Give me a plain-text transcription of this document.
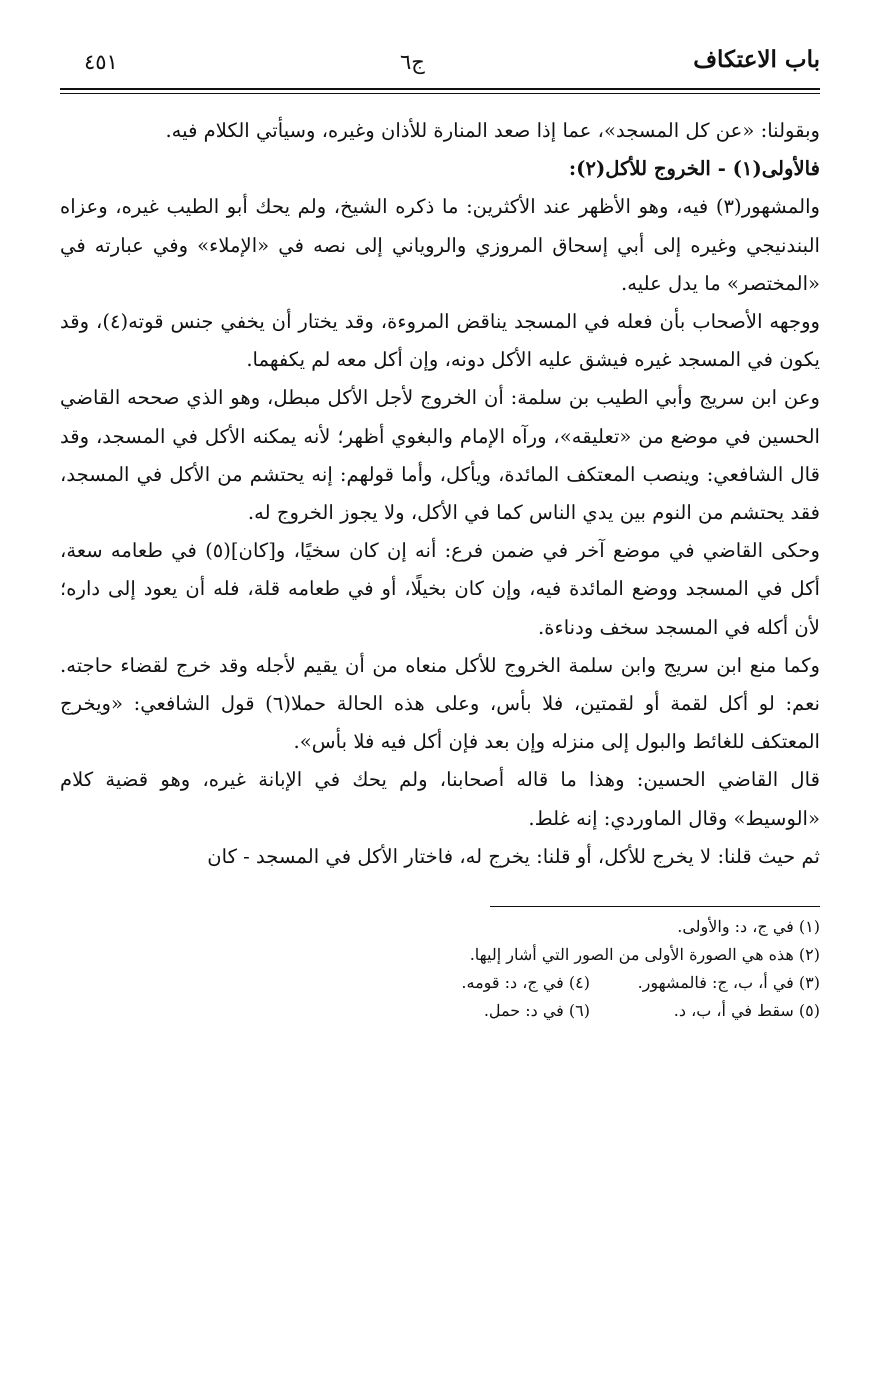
باب الاعتكاف
ج٦
٤٥١

وبقولنا: «عن كل المسجد»، عما إذا صعد المنارة للأذان وغيره، وسيأتي الكلام فيه.

فالأولى(١) - الخروج للأكل(٢):

والمشهور(٣) فيه، وهو الأظهر عند الأكثرين: ما ذكره الشيخ، ولم يحك أبو الطيب غيره، وعزاه البندنيجي وغيره إلى أبي إسحاق المروزي والروياني إلى نصه في «الإملاء» وفي عبارته في «المختصر» ما يدل عليه.

ووجهه الأصحاب بأن فعله في المسجد يناقض المروءة، وقد يختار أن يخفي جنس قوته(٤)، وقد يكون في المسجد غيره فيشق عليه الأكل دونه، وإن أكل معه لم يكفهما.

وعن ابن سريج وأبي الطيب بن سلمة: أن الخروج لأجل الأكل مبطل، وهو الذي صححه القاضي الحسين في موضع من «تعليقه»، ورآه الإمام والبغوي أظهر؛ لأنه يمكنه الأكل في المسجد، وقد قال الشافعي: وينصب المعتكف المائدة، ويأكل، وأما قولهم: إنه يحتشم من الأكل في المسجد، فقد يحتشم من النوم بين يدي الناس كما في الأكل، ولا يجوز الخروج له.

وحكى القاضي في موضع آخر في ضمن فرع: أنه إن كان سخيًا، و[كان](٥) في طعامه سعة، أكل في المسجد ووضع المائدة فيه، وإن كان بخيلًا، أو في طعامه قلة، فله أن يعود إلى داره؛ لأن أكله في المسجد سخف ودناءة.

وكما منع ابن سريج وابن سلمة الخروج للأكل منعاه من أن يقيم لأجله وقد خرج لقضاء حاجته. نعم: لو أكل لقمة أو لقمتين، فلا بأس، وعلى هذه الحالة حملا(٦) قول الشافعي: «ويخرج المعتكف للغائط والبول إلى منزله وإن بعد فإن أكل فيه فلا بأس».

قال القاضي الحسين: وهذا ما قاله أصحابنا، ولم يحك في الإبانة غيره، وهو قضية كلام «الوسيط» وقال الماوردي: إنه غلط.

ثم حيث قلنا: لا يخرج للأكل، أو قلنا: يخرج له، فاختار الأكل في المسجد - كان

(١) في ج، د: والأولى.
(٢) هذه هي الصورة الأولى من الصور التي أشار إليها.
(٣) في أ، ب، ج: فالمشهور.
(٤) في ج، د: قومه.
(٥) سقط في أ، ب، د.
(٦) في د: حمل.
